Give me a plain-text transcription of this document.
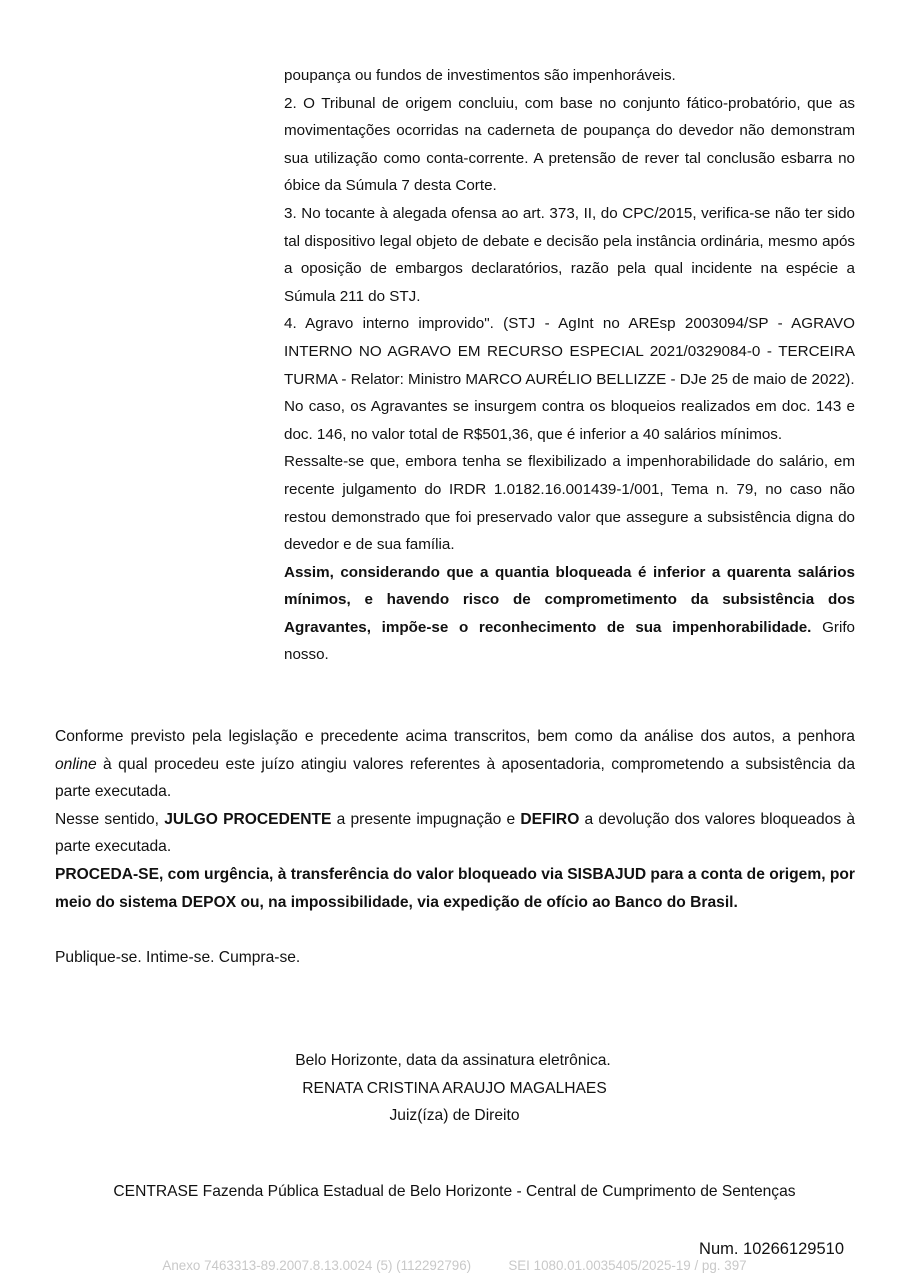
poupança ou fundos de investimentos são impenhoráveis.

2. O Tribunal de origem concluiu, com base no conjunto fático-probatório, que as movimentações ocorridas na caderneta de poupança do devedor não demonstram sua utilização como conta-corrente. A pretensão de rever tal conclusão esbarra no óbice da Súmula 7 desta Corte.

3. No tocante à alegada ofensa ao art. 373, II, do CPC/2015, verifica-se não ter sido tal dispositivo legal objeto de debate e decisão pela instância ordinária, mesmo após a oposição de embargos declaratórios, razão pela qual incidente na espécie a Súmula 211 do STJ.

4. Agravo interno improvido". (STJ - AgInt no AREsp 2003094/SP - AGRAVO INTERNO NO AGRAVO EM RECURSO ESPECIAL 2021/0329084-0 - TERCEIRA TURMA - Relator: Ministro MARCO AURÉLIO BELLIZZE - DJe 25 de maio de 2022).

No caso, os Agravantes se insurgem contra os bloqueios realizados em doc. 143 e doc. 146, no valor total de R$501,36, que é inferior a 40 salários mínimos.

Ressalte-se que, embora tenha se flexibilizado a impenhorabilidade do salário, em recente julgamento do IRDR 1.0182.16.001439-1/001, Tema n. 79, no caso não restou demonstrado que foi preservado valor que assegure a subsistência digna do devedor e de sua família.

Assim, considerando que a quantia bloqueada é inferior a quarenta salários mínimos, e havendo risco de comprometimento da subsistência dos Agravantes, impõe-se o reconhecimento de sua impenhorabilidade. Grifo nosso.

Conforme previsto pela legislação e precedente acima transcritos, bem como da análise dos autos, a penhora online à qual procedeu este juízo atingiu valores referentes à aposentadoria, comprometendo a subsistência da parte executada.

Nesse sentido, JULGO PROCEDENTE a presente impugnação e DEFIRO a devolução dos valores bloqueados à parte executada.

PROCEDA-SE, com urgência, à transferência do valor bloqueado via SISBAJUD para a conta de origem, por meio do sistema DEPOX ou, na impossibilidade, via expedição de ofício ao Banco do Brasil.

Publique-se. Intime-se. Cumpra-se.

Belo Horizonte, data da assinatura eletrônica.
RENATA CRISTINA ARAUJO MAGALHAES
Juiz(íza) de Direito
CENTRASE Fazenda Pública Estadual de Belo Horizonte - Central de Cumprimento de Sentenças
Num. 10266129510
Anexo 7463313-89.2007.8.13.0024 (5) (112292796)          SEI 1080.01.0035405/2025-19 / pg. 397
